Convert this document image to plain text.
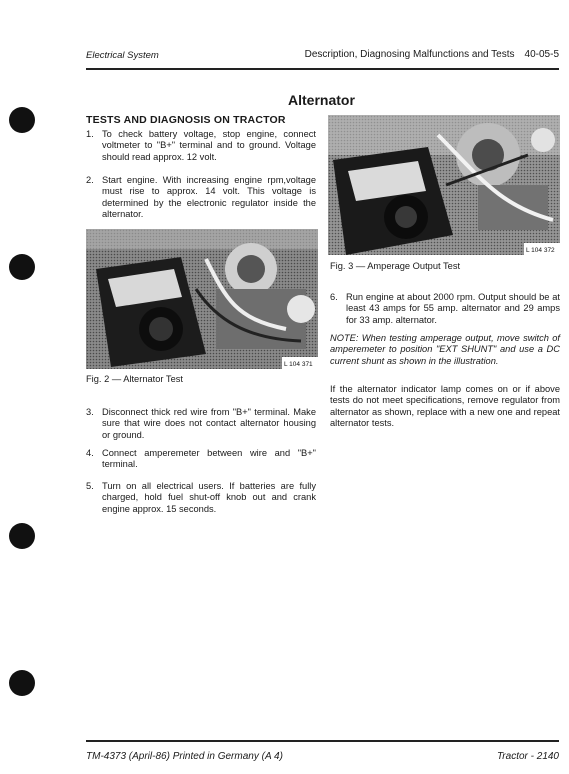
Electrical System	Description, Diagnosing Malfunctions and Tests 40-05-5
Alternator
TESTS AND DIAGNOSIS ON TRACTOR
1. To check battery voltage, stop engine, connect voltmeter to "B+" terminal and to ground. Voltage should read approx. 12 volt.
2. Start engine. With increasing engine rpm,voltage must rise to approx. 14 volt. This voltage is determined by the electronic regulator inside the alternator.
L 104 371
Fig. 2 — Alternator Test
3. Disconnect thick red wire from "B+" terminal. Make sure that wire does not contact alternator housing or ground.
4. Connect amperemeter between wire and "B+" terminal.
5. Turn on all electrical users. If batteries are fully charged, hold fuel shut-off knob out and crank engine approx. 15 seconds.
L 104 372
Fig. 3 — Amperage Output Test
6. Run engine at about 2000 rpm. Output should be at least 43 amps for 55 amp. alternator and 29 amps for 33 amp. alternator.
NOTE: When testing amperage output, move switch of amperemeter to position "EXT SHUNT" and use a DC current shunt as shown in the illustration.
If the alternator indicator lamp comes on or if above tests do not meet specifications, remove regulator from alternator as shown, replace with a new one and repeat alternator tests.
TM-4373 (April-86) Printed in Germany (A 4)	Tractor - 2140
